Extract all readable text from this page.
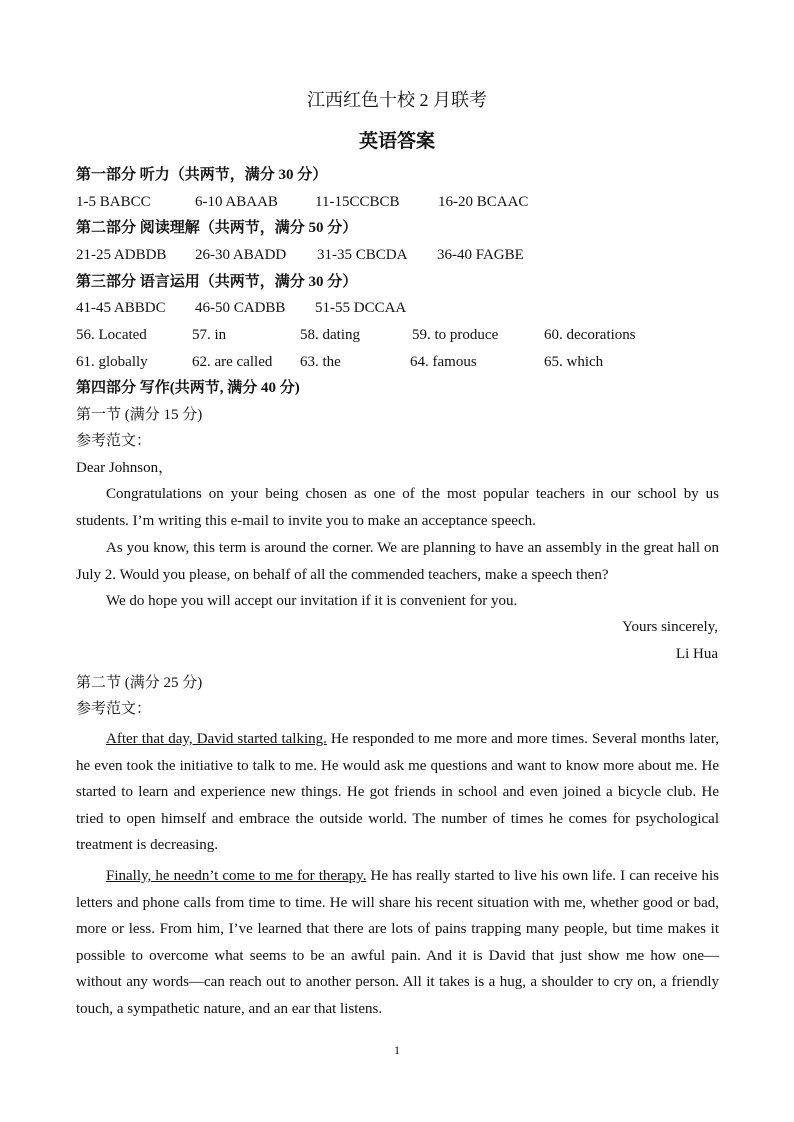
江西红色十校 2 月联考
英语答案
第一部分 听力（共两节，满分 30 分）
1-5 BABCC	6-10 ABAAB 11-15CCBCB	16-20 BCAAC
第二部分 阅读理解（共两节，满分 50 分）
21-25 ADBDB 26-30 ABADD 31-35 CBCDA 36-40 FAGBE
第三部分 语言运用（共两节，满分 30 分）
41-45 ABBDC 46-50 CADBB 51-55 DCCAA
56. Located	57. in	58. dating	59. to produce	60. decorations
61. globally	62. are called 63. the	64. famous	65. which
第四部分 写作(共两节, 满分 40 分)
第一节 (满分 15 分)
参考范文：
Dear Johnson，

Congratulations on your being chosen as one of the most popular teachers in our school by us students. I’m writing this e-mail to invite you to make an acceptance speech.

As you know, this term is around the corner. We are planning to have an assembly in the great hall on July 2. Would you please, on behalf of all the commended teachers, make a speech then?

We do hope you will accept our invitation if it is convenient for you.

Yours sincerely,
Li Hua
第二节 (满分 25 分)
参考范文：

After that day, David started talking. He responded to me more and more times. Several months later, he even took the initiative to talk to me. He would ask me questions and want to know more about me. He started to learn and experience new things. He got friends in school and even joined a bicycle club. He tried to open himself and embrace the outside world. The number of times he comes for psychological treatment is decreasing.

Finally, he needn’t come to me for therapy. He has really started to live his own life. I can receive his letters and phone calls from time to time. He will share his recent situation with me, whether good or bad, more or less. From him, I’ve learned that there are lots of pains trapping many people, but time makes it possible to overcome what seems to be an awful pain. And it is David that just show me how one—without any words—can reach out to another person. All it takes is a hug, a shoulder to cry on, a friendly touch, a sympathetic nature, and an ear that listens.

1
